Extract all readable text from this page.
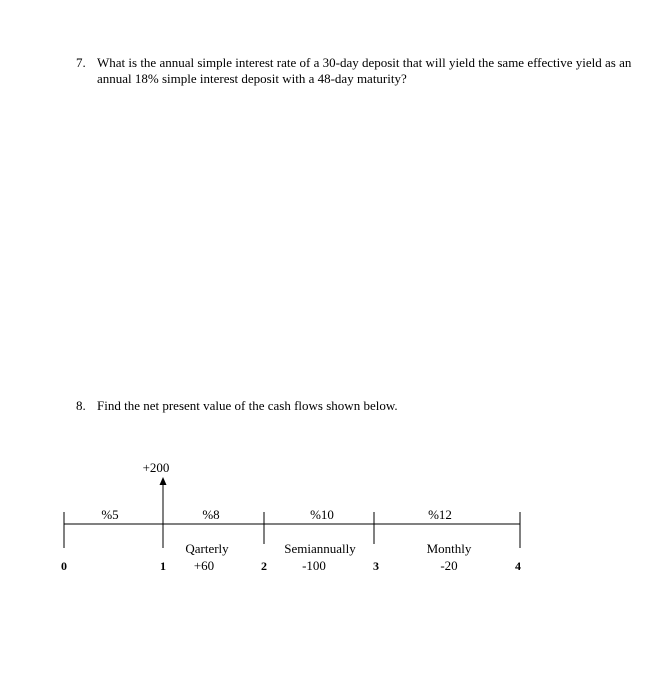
7. What is the annual simple interest rate of a 30-day deposit that will yield the same effective yield as an annual 18% simple interest deposit with a 48-day maturity?
8. Find the net present value of the cash flows shown below.
+200
%5	%8	%10	%12
Qarterly
+60
Semiannually
-100
Monthly
-20
0	1	2	3	4
